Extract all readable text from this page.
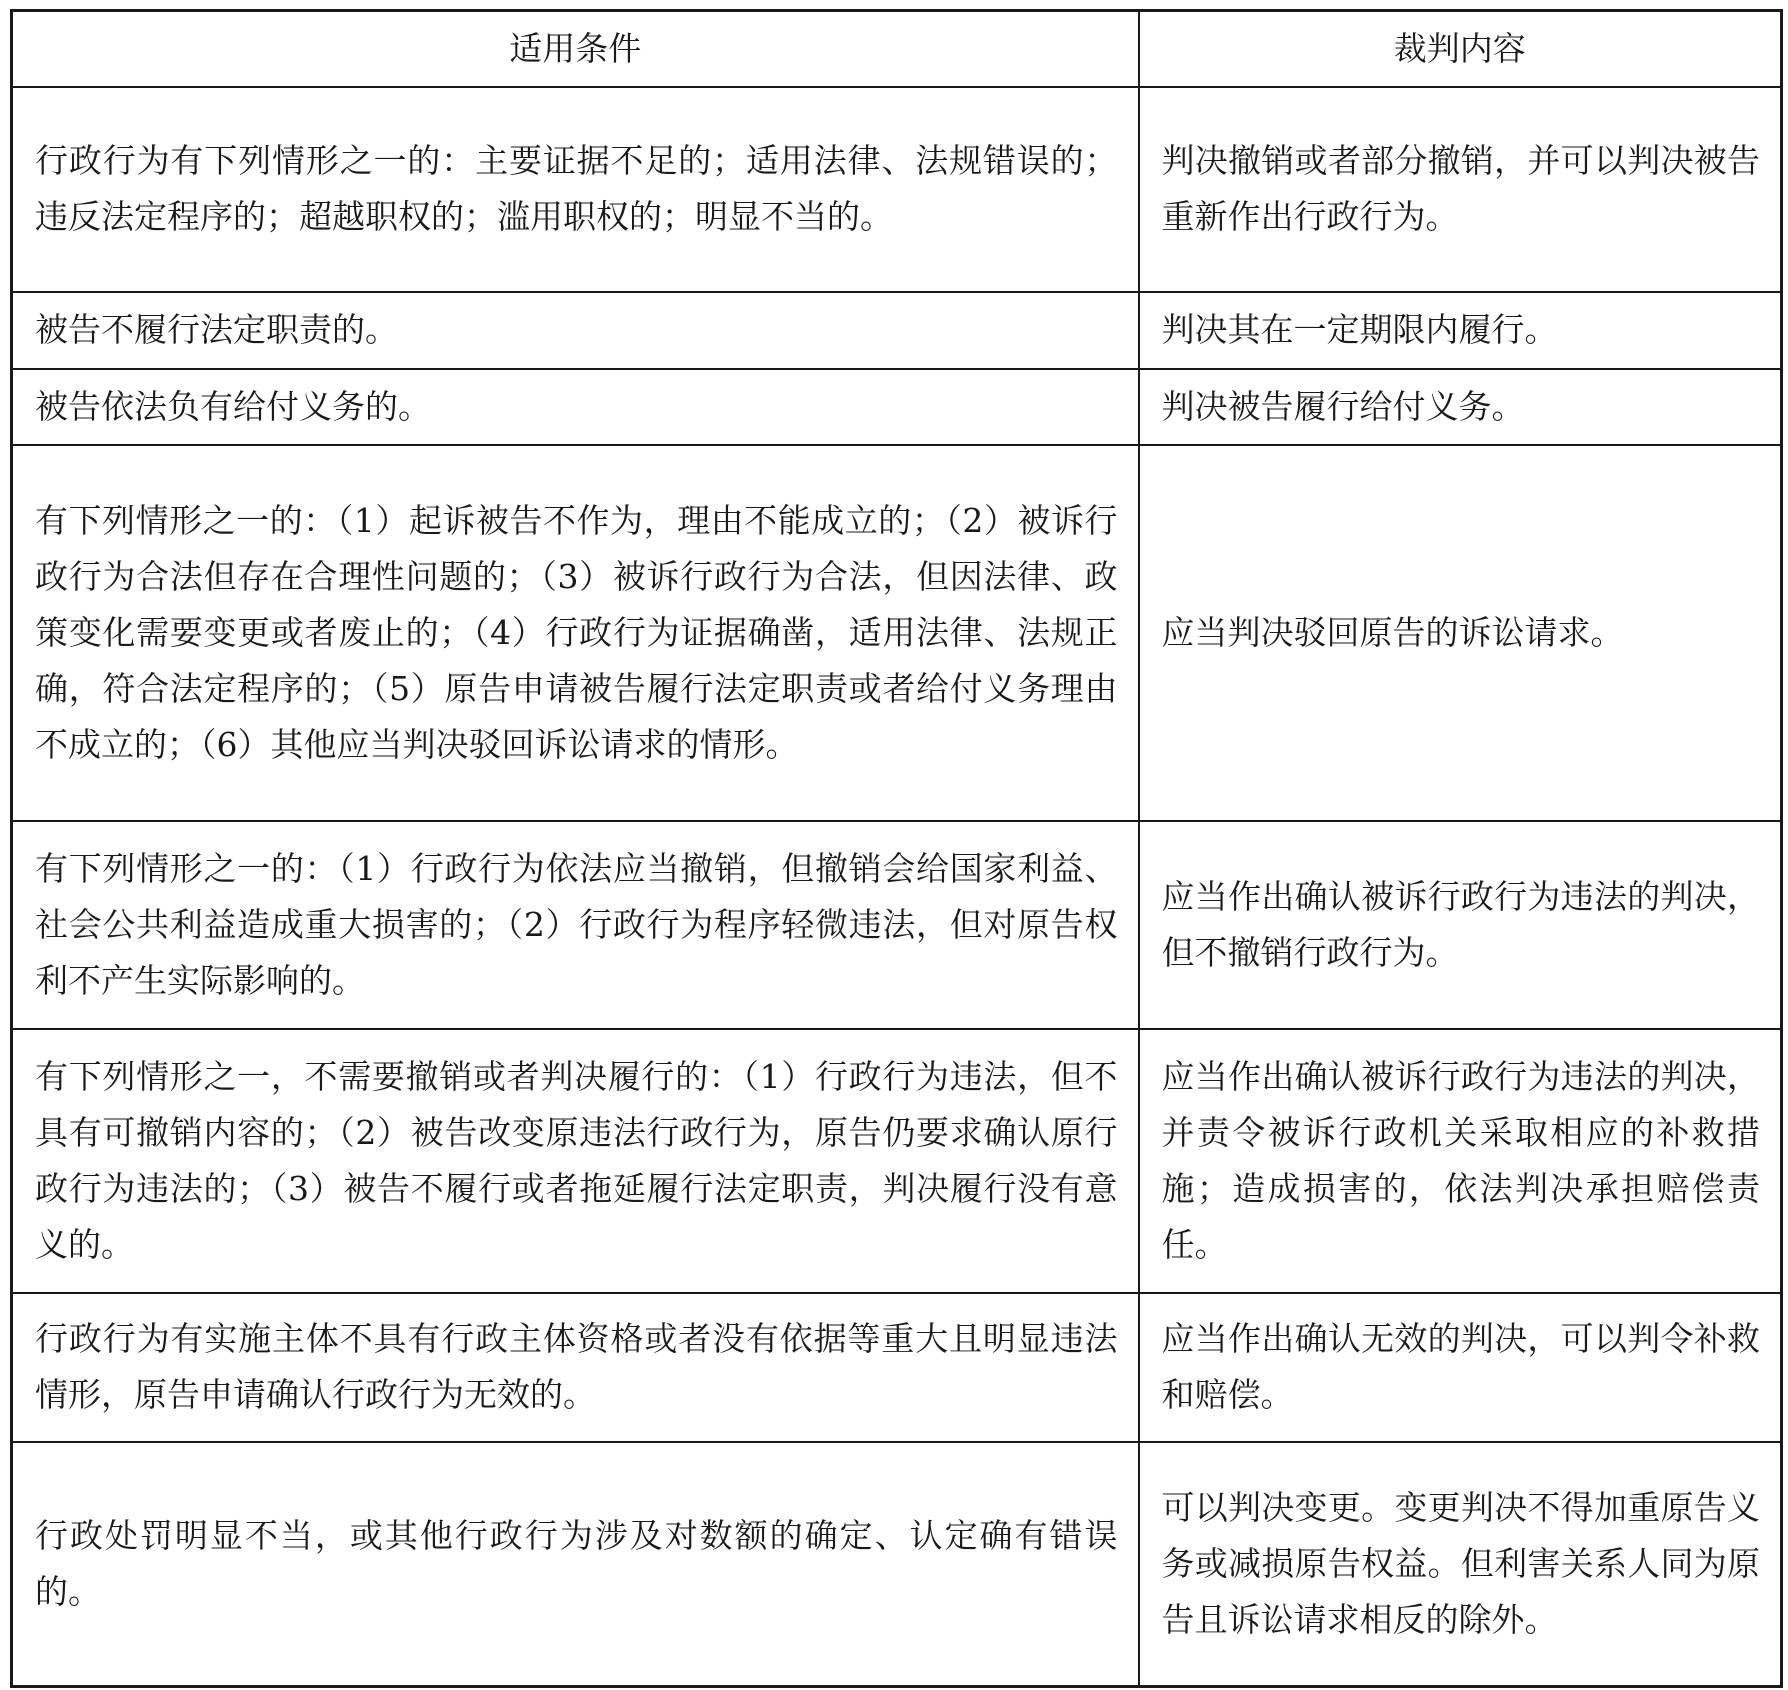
适用条件	裁判内容
行政行为有下列情形之一的：主要证据不足的；适用法律、法规错误的；违反法定程序的；超越职权的；滥用职权的；明显不当的。	判决撤销或者部分撤销，并可以判决被告重新作出行政行为。
被告不履行法定职责的。	判决其在一定期限内履行。
被告依法负有给付义务的。	判决被告履行给付义务。
有下列情形之一的：（1）起诉被告不作为，理由不能成立的；（2）被诉行政行为合法但存在合理性问题的；（3）被诉行政行为合法，但因法律、政策变化需要变更或者废止的；（4）行政行为证据确凿，适用法律、法规正确，符合法定程序的；（5）原告申请被告履行法定职责或者给付义务理由不成立的；（6）其他应当判决驳回诉讼请求的情形。	应当判决驳回原告的诉讼请求。
有下列情形之一的：（1）行政行为依法应当撤销，但撤销会给国家利益、社会公共利益造成重大损害的；（2）行政行为程序轻微违法，但对原告权利不产生实际影响的。	应当作出确认被诉行政行为违法的判决，但不撤销行政行为。
有下列情形之一，不需要撤销或者判决履行的：（1）行政行为违法，但不具有可撤销内容的；（2）被告改变原违法行政行为，原告仍要求确认原行政行为违法的；（3）被告不履行或者拖延履行法定职责，判决履行没有意义的。	应当作出确认被诉行政行为违法的判决，并责令被诉行政机关采取相应的补救措施；造成损害的，依法判决承担赔偿责任。
行政行为有实施主体不具有行政主体资格或者没有依据等重大且明显违法情形，原告申请确认行政行为无效的。	应当作出确认无效的判决，可以判令补救和赔偿。
行政处罚明显不当，或其他行政行为涉及对数额的确定、认定确有错误的。	可以判决变更。变更判决不得加重原告义务或减损原告权益。但利害关系人同为原告且诉讼请求相反的除外。
